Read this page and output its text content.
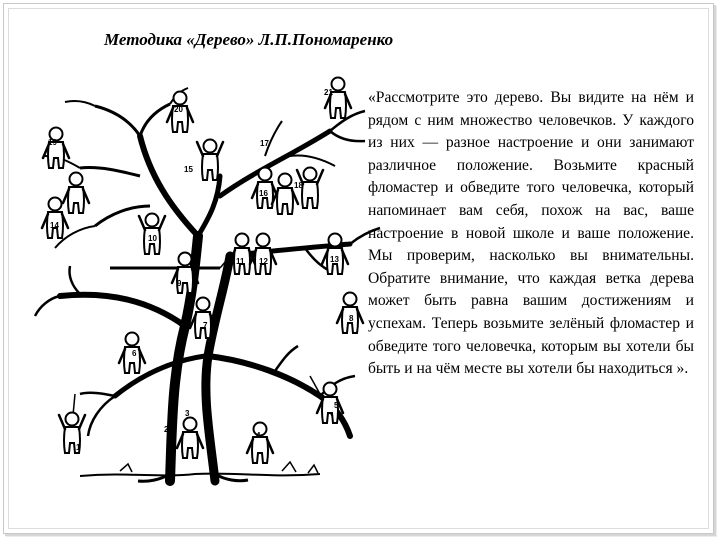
Методика «Дерево» Л.П.Пономаренко
1
2
3
4
5
6
7
8
9
10
11 12	13
14
15
16
17
18
19
20
21 «Рассмотрите это дерево. Вы видите на нём и рядом с ним множество человечков. У каждого из них — разное настроение и они занимают различное положение. Возьмите красный фломастер и обведите того человечка, который напоминает вам себя, похож на вас, ваше настроение в новой школе и ваше положение. Мы проверим, насколько вы внимательны. Обратите внимание, что каждая ветка дерева может быть равна вашим достижениям и успехам. Теперь возьмите зелёный фломастер и обведите того человечка, которым вы хотели бы быть и на чём месте вы хотели бы находиться ».
